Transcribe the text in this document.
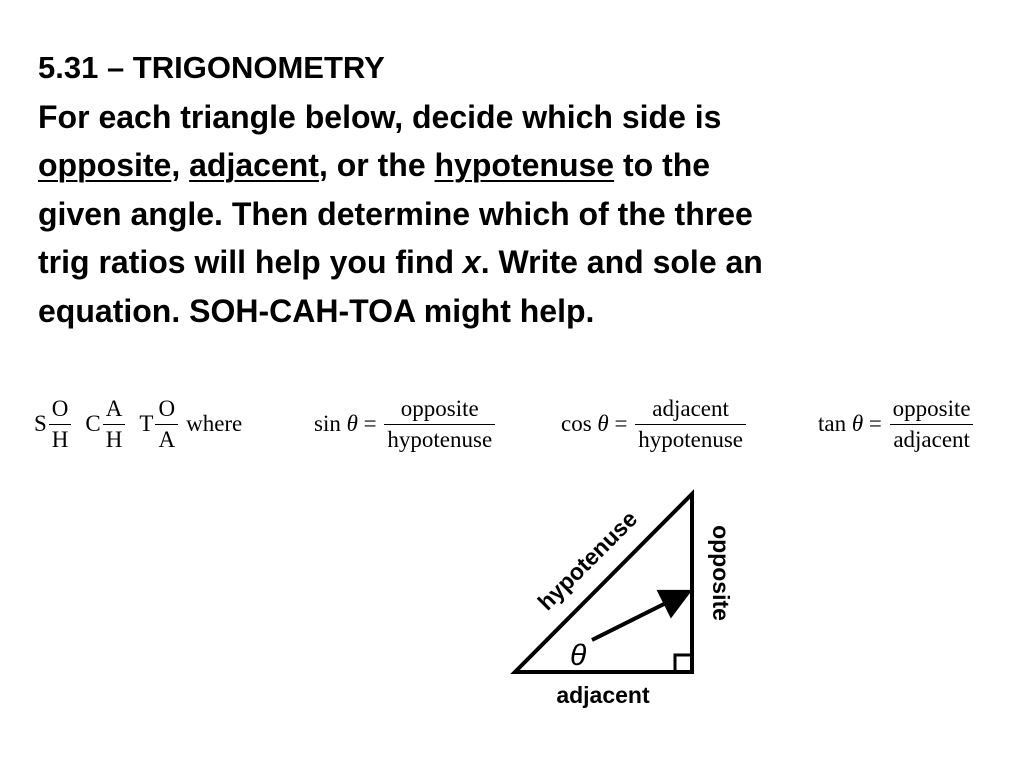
5.31 – TRIGONOMETRY
For each triangle below, decide which side is
opposite, adjacent, or the hypotenuse to the
given angle. Then determine which of the three
trig ratios will help you find x. Write and sole an
equation. SOH-CAH-TOA might help.
S $\frac{O}{H}$ C $\frac{A}{H}$ T $\frac{O}{A}$ where	sin
θ
=
$\frac{\text{opposite}}{\text{hypotenuse}}$	cos
θ
=
$\frac{\text{adjacent}}{\text{hypotenuse}}$	tan
θ
=
$\frac{\text{opposite}}{\text{adjacent}}$
θ
hypotenuse	opposite
adjacent
